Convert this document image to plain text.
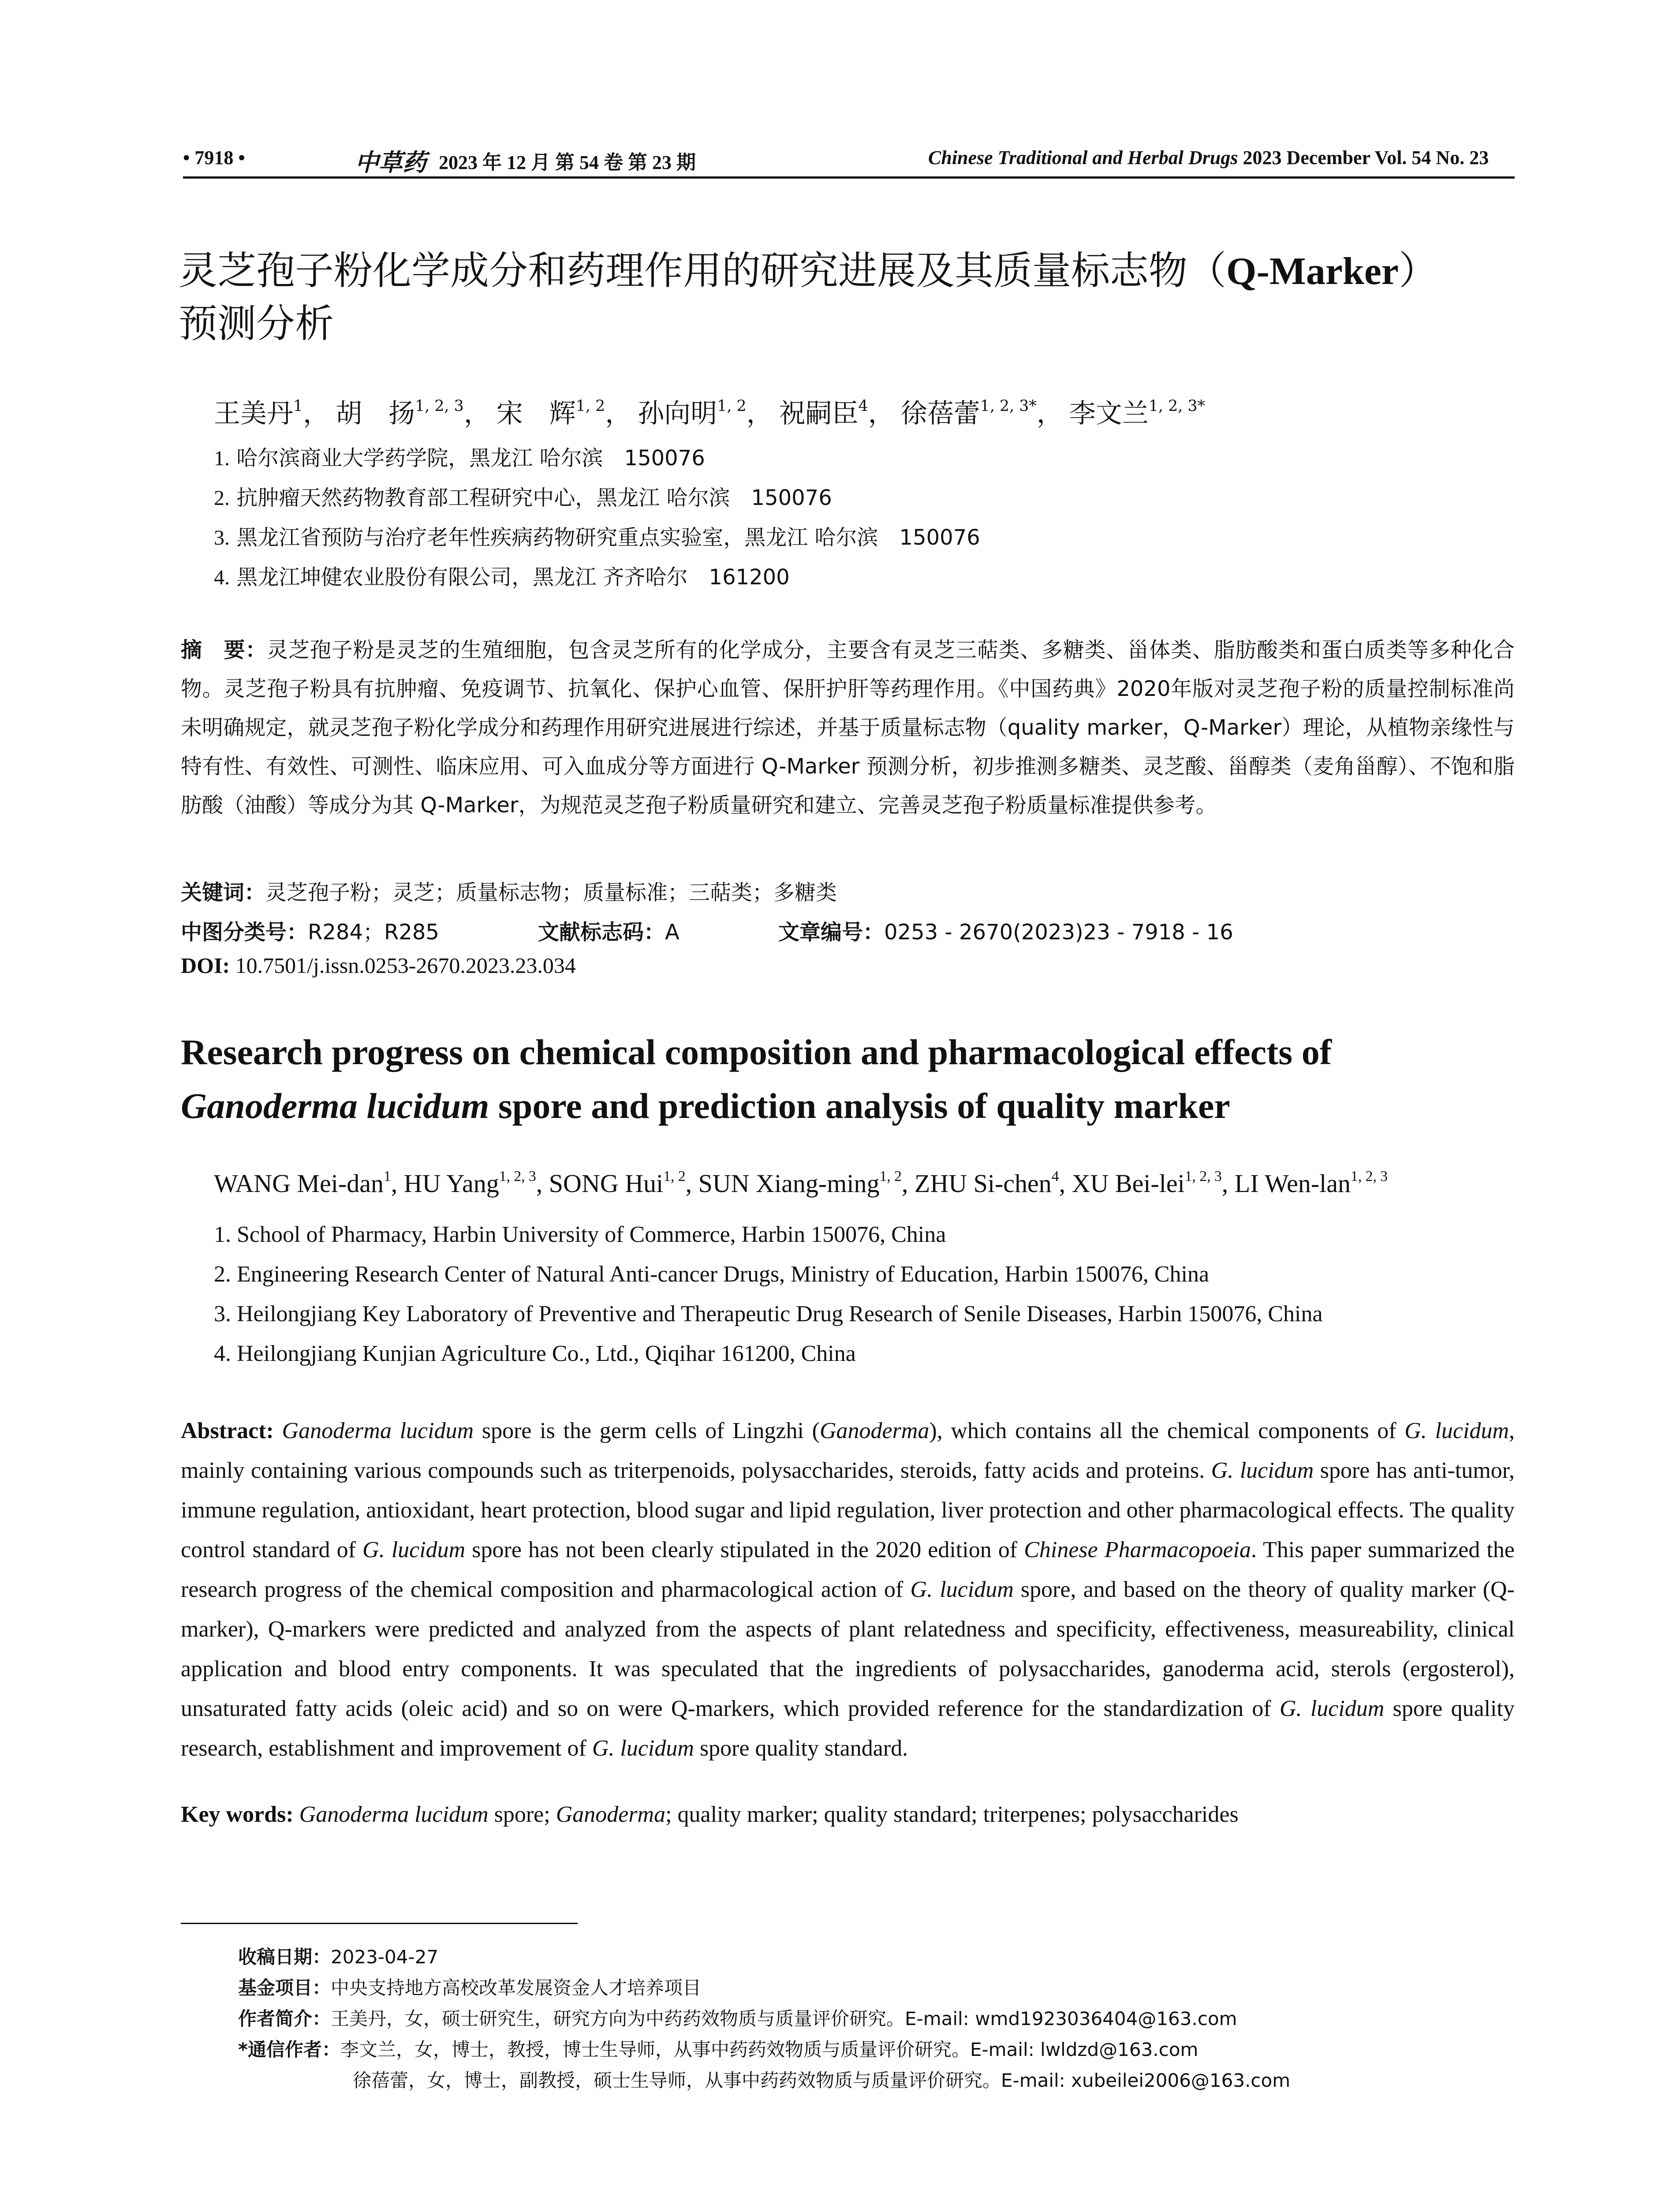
• 7918 •	中草药 2023 年 12 月 第 54 卷 第 23 期	Chinese Traditional and Herbal Drugs 2023 December Vol. 54 No. 23
灵芝孢子粉化学成分和药理作用的研究进展及其质量标志物（Q-Marker）
预测分析
王美丹$^1$， 胡　扬$^{1, 2, 3}$， 宋　辉$^{1, 2}$， 孙向明$^{1, 2}$， 祝嗣臣$^4$， 徐蓓蕾$^{1, 2, 3*}$， 李文兰$^{1, 2, 3*}$
1. 哈尔滨商业大学药学院，黑龙江 哈尔滨　150076
2. 抗肿瘤天然药物教育部工程研究中心，黑龙江 哈尔滨　150076
3. 黑龙江省预防与治疗老年性疾病药物研究重点实验室，黑龙江 哈尔滨　150076
4. 黑龙江坤健农业股份有限公司，黑龙江 齐齐哈尔　161200
摘　要：灵芝孢子粉是灵芝的生殖细胞，包含灵芝所有的化学成分，主要含有灵芝三萜类、多糖类、甾体类、脂肪酸类和蛋白质类等多种化合物。灵芝孢子粉具有抗肿瘤、免疫调节、抗氧化、保护心血管、保肝护肝等药理作用。《中国药典》2020年版对灵芝孢子粉的质量控制标准尚未明确规定，就灵芝孢子粉化学成分和药理作用研究进展进行综述，并基于质量标志物（quality marker，Q-Marker）理论，从植物亲缘性与特有性、有效性、可测性、临床应用、可入血成分等方面进行 Q-Marker 预测分析，初步推测多糖类、灵芝酸、甾醇类（麦角甾醇）、不饱和脂肪酸（油酸）等成分为其 Q-Marker，为规范灵芝孢子粉质量研究和建立、完善灵芝孢子粉质量标准提供参考。
关键词：灵芝孢子粉；灵芝；质量标志物；质量标准；三萜类；多糖类
中图分类号：R284；R285	文献标志码：A	文章编号：0253 - 2670(2023)23 - 7918 - 16
DOI: 10.7501/j.issn.0253-2670.2023.23.034
Research progress on chemical composition and pharmacological effects of
Ganoderma lucidum spore and prediction analysis of quality marker
WANG Mei-dan$^1$, HU Yang$^{1, 2, 3}$, SONG Hui$^{1, 2}$, SUN Xiang-ming$^{1, 2}$, ZHU Si-chen$^4$, XU Bei-lei$^{1, 2, 3}$, LI Wen-lan$^{1, 2, 3}$
1. School of Pharmacy, Harbin University of Commerce, Harbin 150076, China
2. Engineering Research Center of Natural Anti-cancer Drugs, Ministry of Education, Harbin 150076, China
3. Heilongjiang Key Laboratory of Preventive and Therapeutic Drug Research of Senile Diseases, Harbin 150076, China
4. Heilongjiang Kunjian Agriculture Co., Ltd., Qiqihar 161200, China
Abstract: Ganoderma lucidum spore is the germ cells of Lingzhi (Ganoderma), which contains all the chemical components of G. lucidum, mainly containing various compounds such as triterpenoids, polysaccharides, steroids, fatty acids and proteins. G. lucidum spore has anti-tumor, immune regulation, antioxidant, heart protection, blood sugar and lipid regulation, liver protection and other pharmacological effects. The quality control standard of G. lucidum spore has not been clearly stipulated in the 2020 edition of Chinese Pharmacopoeia. This paper summarized the research progress of the chemical composition and pharmacological action of G. lucidum spore, and based on the theory of quality marker (Q-marker), Q-markers were predicted and analyzed from the aspects of plant relatedness and specificity, effectiveness, measureability, clinical application and blood entry components. It was speculated that the ingredients of polysaccharides, ganoderma acid, sterols (ergosterol), unsaturated fatty acids (oleic acid) and so on were Q-markers, which provided reference for the standardization of G. lucidum spore quality research, establishment and improvement of G. lucidum spore quality standard.
Key words: Ganoderma lucidum spore; Ganoderma; quality marker; quality standard; triterpenes; polysaccharides
收稿日期：2023-04-27
基金项目：中央支持地方高校改革发展资金人才培养项目
作者简介：王美丹，女，硕士研究生，研究方向为中药药效物质与质量评价研究。E-mail: wmd1923036404@163.com
*通信作者：李文兰，女，博士，教授，博士生导师，从事中药药效物质与质量评价研究。E-mail: lwldzd@163.com
徐蓓蕾，女，博士，副教授，硕士生导师，从事中药药效物质与质量评价研究。E-mail: xubeilei2006@163.com
